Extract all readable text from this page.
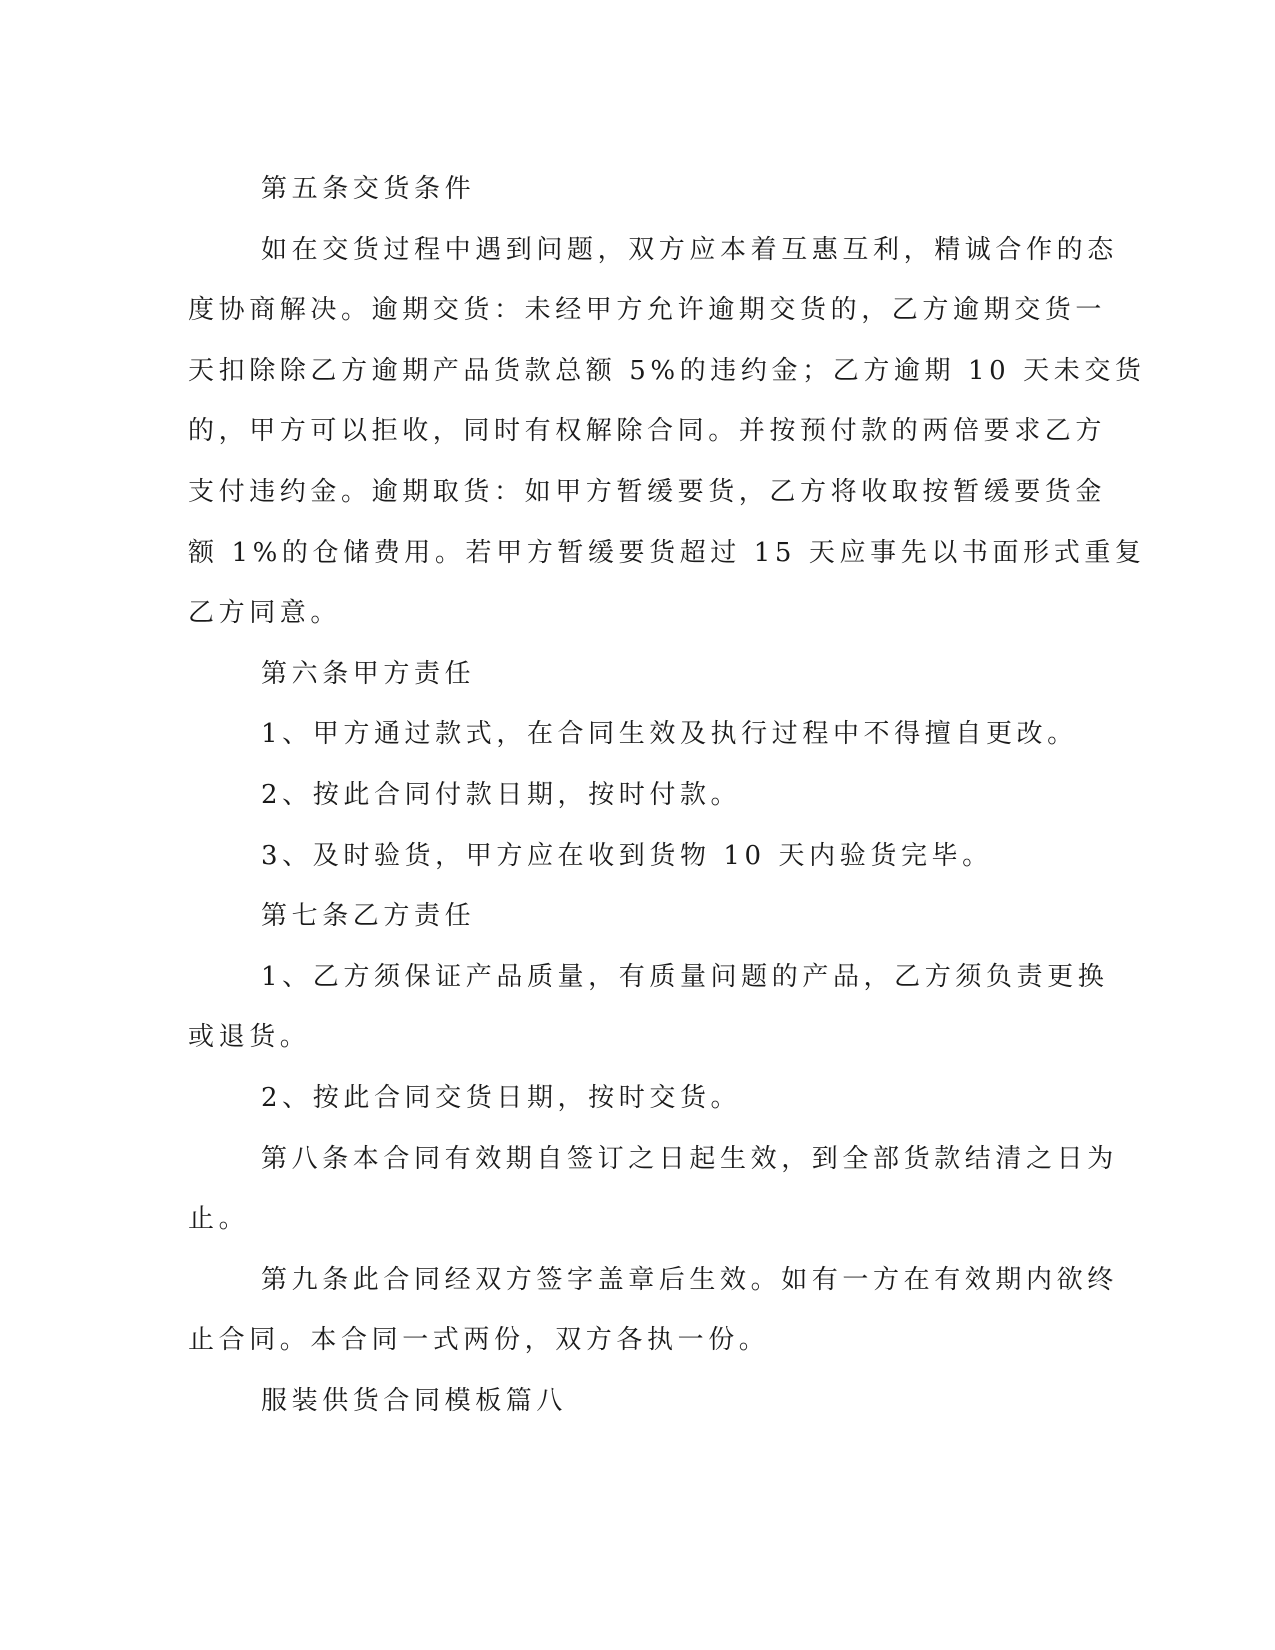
第五条交货条件
如在交货过程中遇到问题，双方应本着互惠互利，精诚合作的态
度协商解决。逾期交货：未经甲方允许逾期交货的，乙方逾期交货一
天扣除除乙方逾期产品货款总额 5%的违约金；乙方逾期 10 天未交货
的，甲方可以拒收，同时有权解除合同。并按预付款的两倍要求乙方
支付违约金。逾期取货：如甲方暂缓要货，乙方将收取按暂缓要货金
额 1%的仓储费用。若甲方暂缓要货超过 15 天应事先以书面形式重复
乙方同意。
第六条甲方责任
1、甲方通过款式，在合同生效及执行过程中不得擅自更改。
2、按此合同付款日期，按时付款。
3、及时验货，甲方应在收到货物 10 天内验货完毕。
第七条乙方责任
1、乙方须保证产品质量，有质量问题的产品，乙方须负责更换
或退货。
2、按此合同交货日期，按时交货。
第八条本合同有效期自签订之日起生效，到全部货款结清之日为
止。
第九条此合同经双方签字盖章后生效。如有一方在有效期内欲终
止合同。本合同一式两份，双方各执一份。
服装供货合同模板篇八
